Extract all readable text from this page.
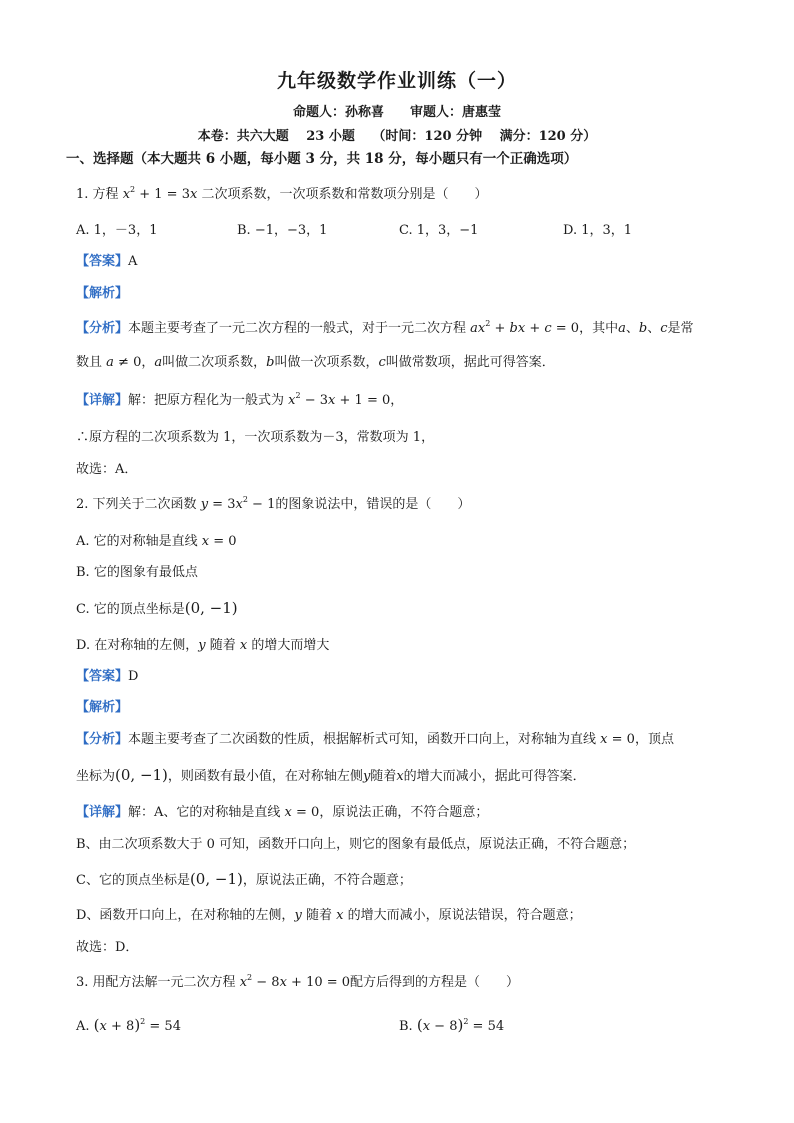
九年级数学作业训练（一）
命题人：孙称喜　　审题人：唐惠莹
本卷：共六大题　 23 小题　 （时间：120 分钟　 满分：120 分）
一、选择题（本大题共 6 小题，每小题 3 分，共 18 分，每小题只有一个正确选项）
1. 方程 $x^2 + 1 = 3x$ 二次项系数，一次项系数和常数项分别是（　　）
A. 1，－3，1	B. −1，−3，1	C. 1，3，−1	D. 1，3，1
【答案】A
【解析】
【分析】本题主要考查了一元二次方程的一般式，对于一元二次方程 $ax^2$ + bx + c = 0，其中a、b、c是常
数且 a ≠ 0，a叫做二次项系数，b叫做一次项系数，c叫做常数项，据此可得答案．
【详解】解：把原方程化为一般式为 $x^2 - 3x + 1 = 0$，
∴原方程的二次项系数为 1，一次项系数为－3，常数项为 1，
故选：A．
2. 下列关于二次函数 $y = 3x^2 - 1$的图象说法中，错误的是（　　）
A. 它的对称轴是直线 x = 0
B. 它的图象有最低点
C. 它的顶点坐标是(0, −1)
D. 在对称轴的左侧，y 随着 x 的增大而增大
【答案】D
【解析】
【分析】本题主要考查了二次函数的性质，根据解析式可知，函数开口向上，对称轴为直线 x = 0，顶点
坐标为(0, −1)，则函数有最小值，在对称轴左侧y随着x的增大而减小，据此可得答案．
【详解】解：A、它的对称轴是直线 x = 0，原说法正确，不符合题意；
B、由二次项系数大于 0 可知，函数开口向上，则它的图象有最低点，原说法正确，不符合题意；
C、它的顶点坐标是(0, −1)，原说法正确，不符合题意；
D、函数开口向上，在对称轴的左侧，y 随着 x 的增大而减小，原说法错误，符合题意；
故选：D．
3. 用配方法解一元二次方程 $x^2 - 8x + 10 = 0$配方后得到的方程是（　　）
A. $(x + 8)^2 = 54$	B. $(x - 8)^2 = 54$
